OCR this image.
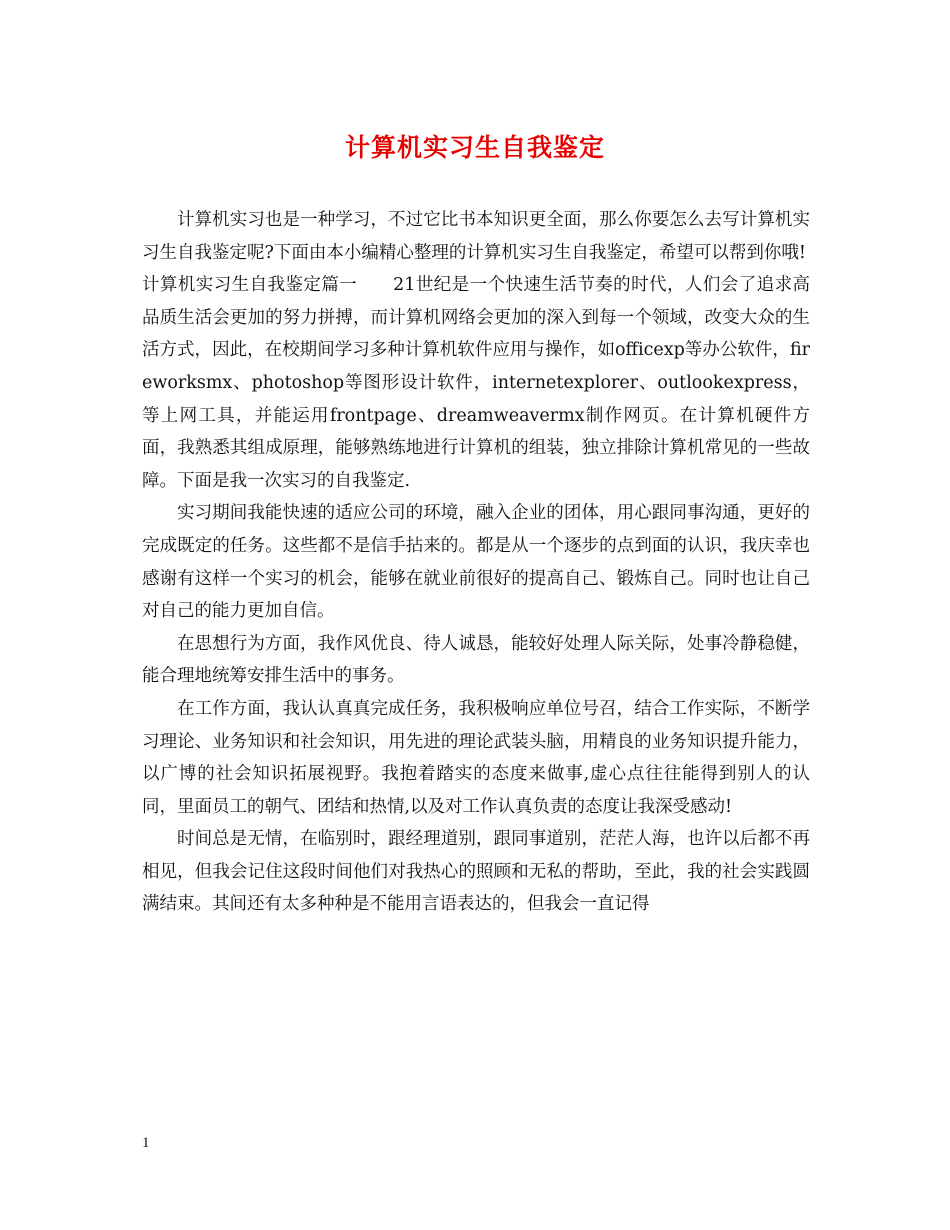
计算机实习生自我鉴定

计算机实习也是一种学习，不过它比书本知识更全面，那么你要怎么去写计算机实习生自我鉴定呢?下面由本小编精心整理的计算机实习生自我鉴定，希望可以帮到你哦!

计算机实习生自我鉴定篇一　　21世纪是一个快速生活节奏的时代，人们会了追求高品质生活会更加的努力拼搏，而计算机网络会更加的深入到每一个领域，改变大众的生活方式，因此，在校期间学习多种计算机软件应用与操作，如officexp等办公软件，fireworksmx、photoshop等图形设计软件，internetexplorer、outlookexpress，等上网工具，并能运用frontpage、dreamweavermx制作网页。在计算机硬件方面，我熟悉其组成原理，能够熟练地进行计算机的组装，独立排除计算机常见的一些故障。下面是我一次实习的自我鉴定.

实习期间我能快速的适应公司的环境，融入企业的团体，用心跟同事沟通，更好的完成既定的任务。这些都不是信手拈来的。都是从一个逐步的点到面的认识，我庆幸也感谢有这样一个实习的机会，能够在就业前很好的提高自己、锻炼自己。同时也让自己对自己的能力更加自信。

在思想行为方面，我作风优良、待人诚恳，能较好处理人际关际，处事冷静稳健，能合理地统筹安排生活中的事务。

在工作方面，我认认真真完成任务，我积极响应单位号召，结合工作实际，不断学习理论、业务知识和社会知识，用先进的理论武装头脑，用精良的业务知识提升能力，以广博的社会知识拓展视野。我抱着踏实的态度来做事,虚心点往往能得到别人的认同，里面员工的朝气、团结和热情,以及对工作认真负责的态度让我深受感动!

时间总是无情，在临别时，跟经理道别，跟同事道别，茫茫人海，也许以后都不再相见，但我会记住这段时间他们对我热心的照顾和无私的帮助，至此，我的社会实践圆满结束。其间还有太多种种是不能用言语表达的，但我会一直记得

1
